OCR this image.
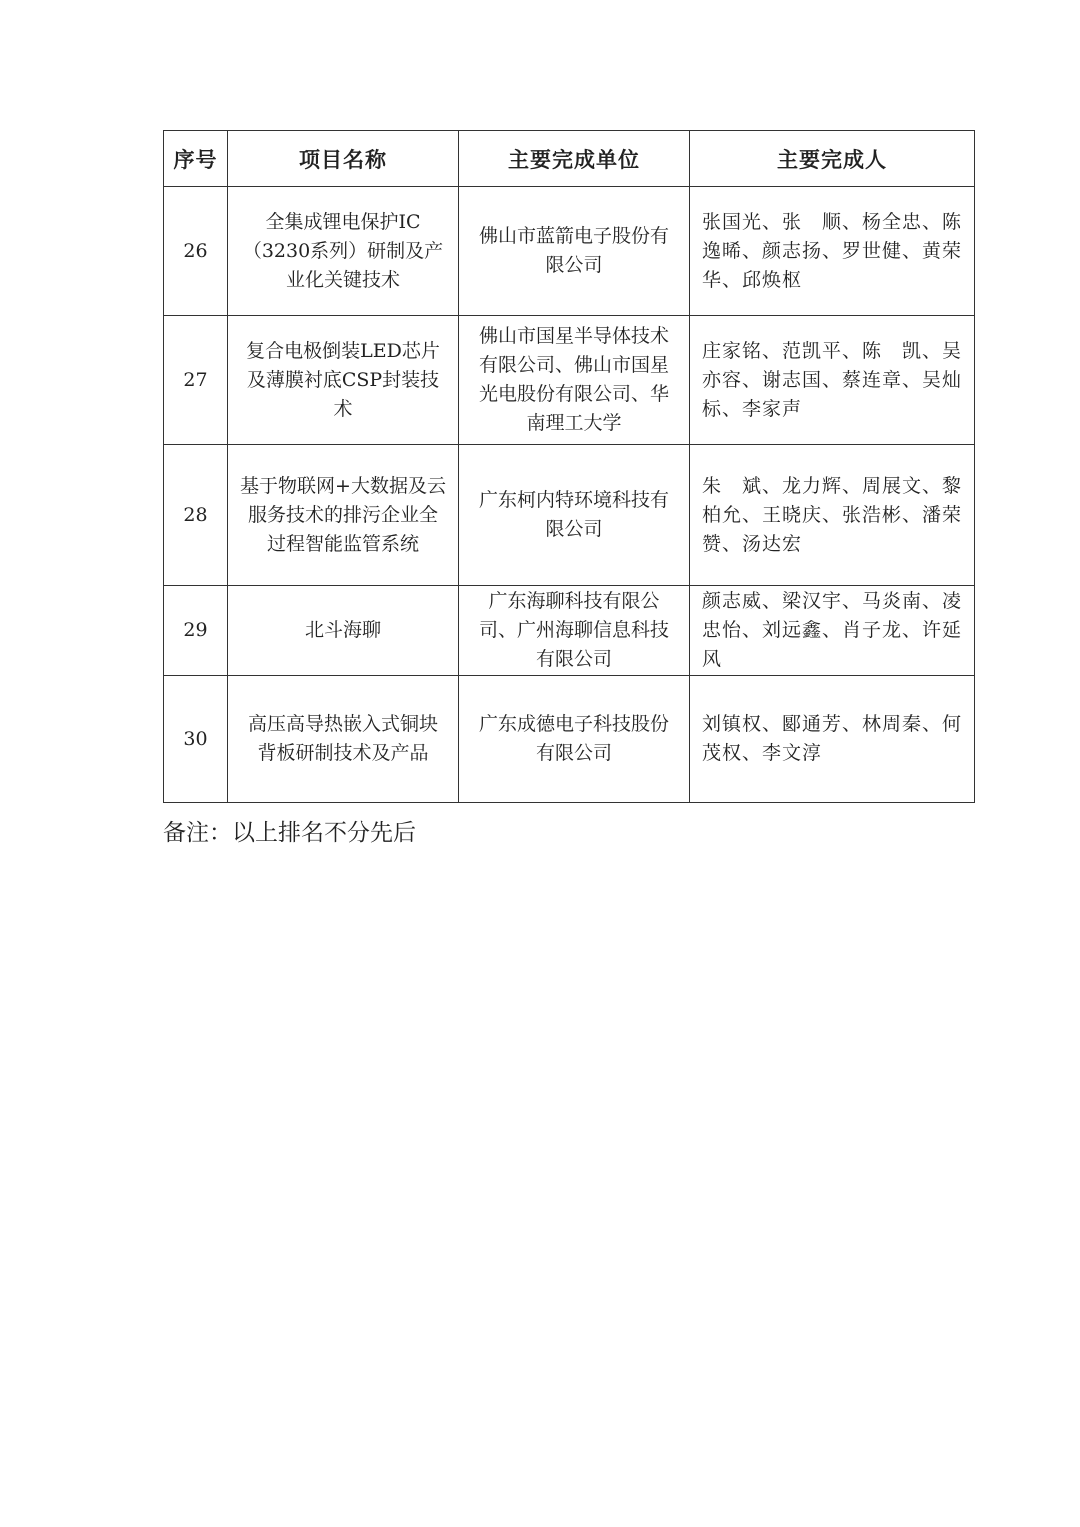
序号	项目名称	主要完成单位	主要完成人
26	全集成锂电保护IC（3230系列）研制及产业化关键技术	佛山市蓝箭电子股份有限公司	张国光、张　顺、杨全忠、陈逸晞、颜志扬、罗世健、黄荣华、邱焕枢
27	复合电极倒装LED芯片及薄膜衬底CSP封装技术	佛山市国星半导体技术有限公司、佛山市国星光电股份有限公司、华南理工大学	庄家铭、范凯平、陈　凯、吴亦容、谢志国、蔡连章、吴灿标、李家声
28	基于物联网+大数据及云服务技术的排污企业全过程智能监管系统	广东柯内特环境科技有限公司	朱　斌、龙力辉、周展文、黎柏允、王晓庆、张浩彬、潘荣赞、汤达宏
29	北斗海聊	广东海聊科技有限公司、广州海聊信息科技有限公司	颜志威、梁汉宇、马炎南、凌忠怡、刘远鑫、肖子龙、许延风
30	高压高导热嵌入式铜块背板研制技术及产品	广东成德电子科技股份有限公司	刘镇权、郾通芳、林周秦、何茂权、李文淳
备注：以上排名不分先后
